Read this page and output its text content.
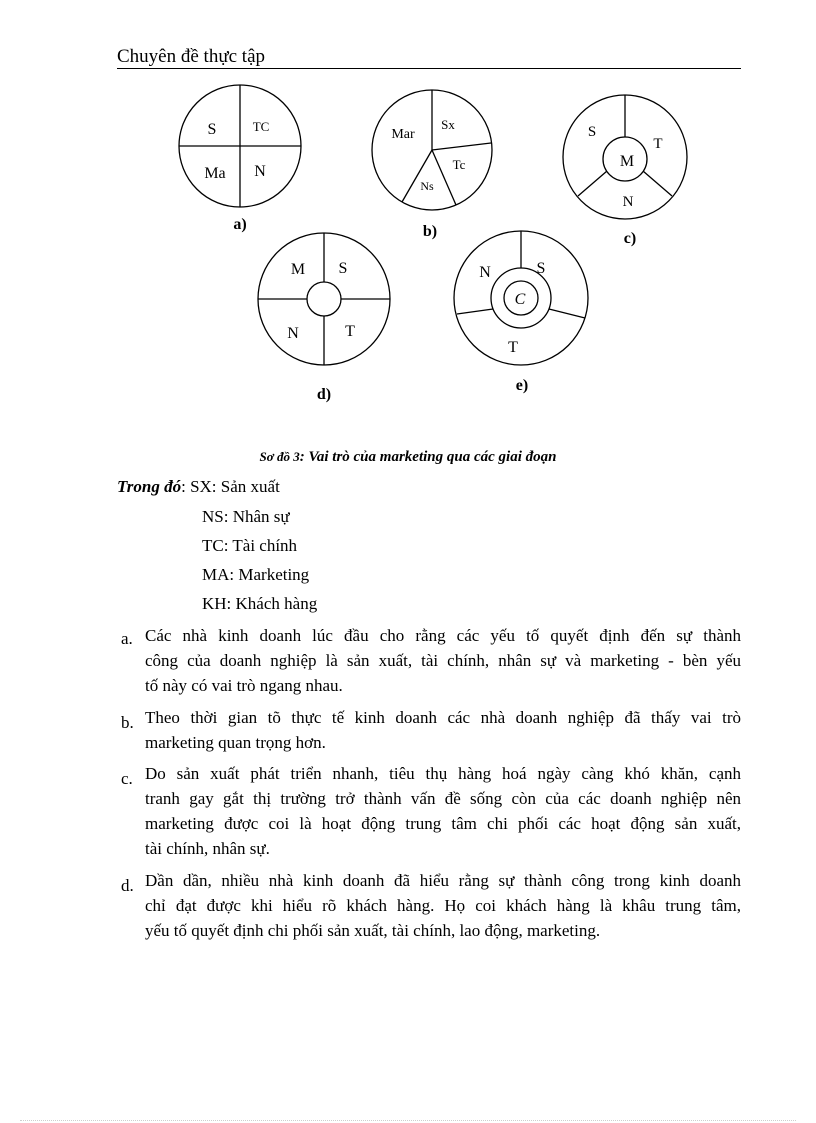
Chuyên đề thực tập
S	TC
Ma N
a)
Mar
Sx
Tc
Ns
b)
M
S
T
N
c)
M S
N	T
d)
C
N	S
T
e)
Sơ đồ 3: Vai trò của marketing qua các giai đoạn
Trong đó: SX: Sản xuất
NS: Nhân sự
TC: Tài chính
MA: Marketing
KH: Khách hàng
a. Các nhà kinh doanh lúc đầu cho rằng các yếu tố quyết định đến sự thành
công của doanh nghiệp là sản xuất, tài chính, nhân sự và marketing - bèn yếu
tố này có vai trò ngang nhau.
b. Theo thời gian tõ thực tế kinh doanh các nhà doanh nghiệp đã thấy vai trò
marketing quan trọng hơn.
c. Do sản xuất phát triển nhanh, tiêu thụ hàng hoá ngày càng khó khăn, cạnh
tranh gay gắt thị trường trở thành vấn đề sống còn của các doanh nghiệp nên
marketing được coi là hoạt động trung tâm chi phối các hoạt động sản xuất,
tài chính, nhân sự.
d. Dần dần, nhiều nhà kinh doanh đã hiểu rằng sự thành công trong kinh doanh
chỉ đạt được khi hiểu rõ khách hàng. Họ coi khách hàng là khâu trung tâm,
yếu tố quyết định chi phối sản xuất, tài chính, lao động, marketing.
